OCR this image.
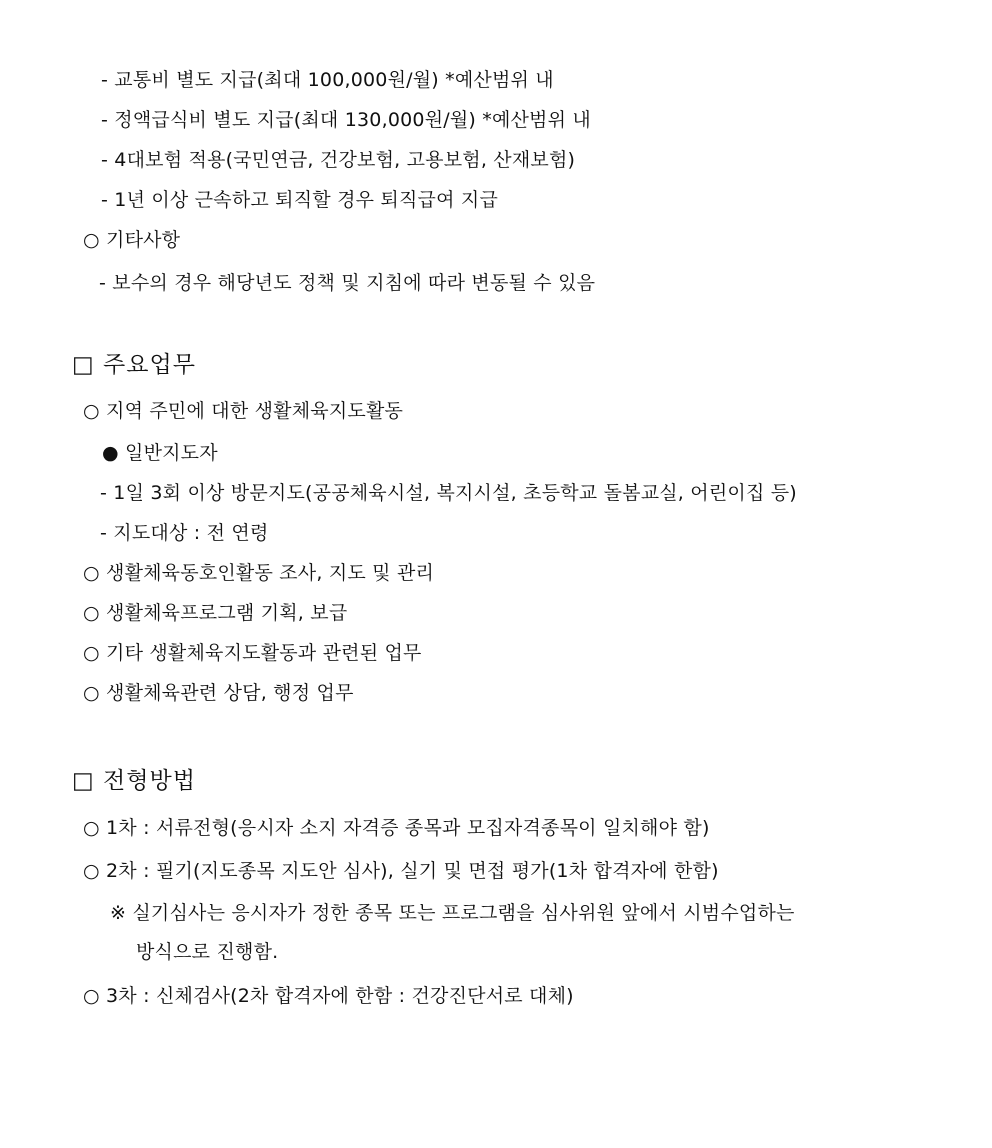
- 교통비 별도 지급(최대 100,000원/월) *예산범위 내
- 정액급식비 별도 지급(최대 130,000원/월) *예산범위 내
- 4대보험 적용(국민연금, 건강보험, 고용보험, 산재보험)
- 1년 이상 근속하고 퇴직할 경우 퇴직급여 지급
○ 기타사항
- 보수의 경우 해당년도 정책 및 지침에 따라 변동될 수 있음
□ 주요업무
○ 지역 주민에 대한 생활체육지도활동
● 일반지도자
- 1일 3회 이상 방문지도(공공체육시설, 복지시설, 초등학교 돌봄교실, 어린이집 등)
- 지도대상 : 전 연령
○ 생활체육동호인활동 조사, 지도 및 관리
○ 생활체육프로그램 기획, 보급
○ 기타 생활체육지도활동과 관련된 업무
○ 생활체육관련 상담, 행정 업무
□ 전형방법
○ 1차 : 서류전형(응시자 소지 자격증 종목과 모집자격종목이 일치해야 함)
○ 2차 : 필기(지도종목 지도안 심사), 실기 및 면접 평가(1차 합격자에 한함)
※ 실기심사는 응시자가 정한 종목 또는 프로그램을 심사위원 앞에서 시범수업하는
방식으로 진행함.
○ 3차 : 신체검사(2차 합격자에 한함 : 건강진단서로 대체)
